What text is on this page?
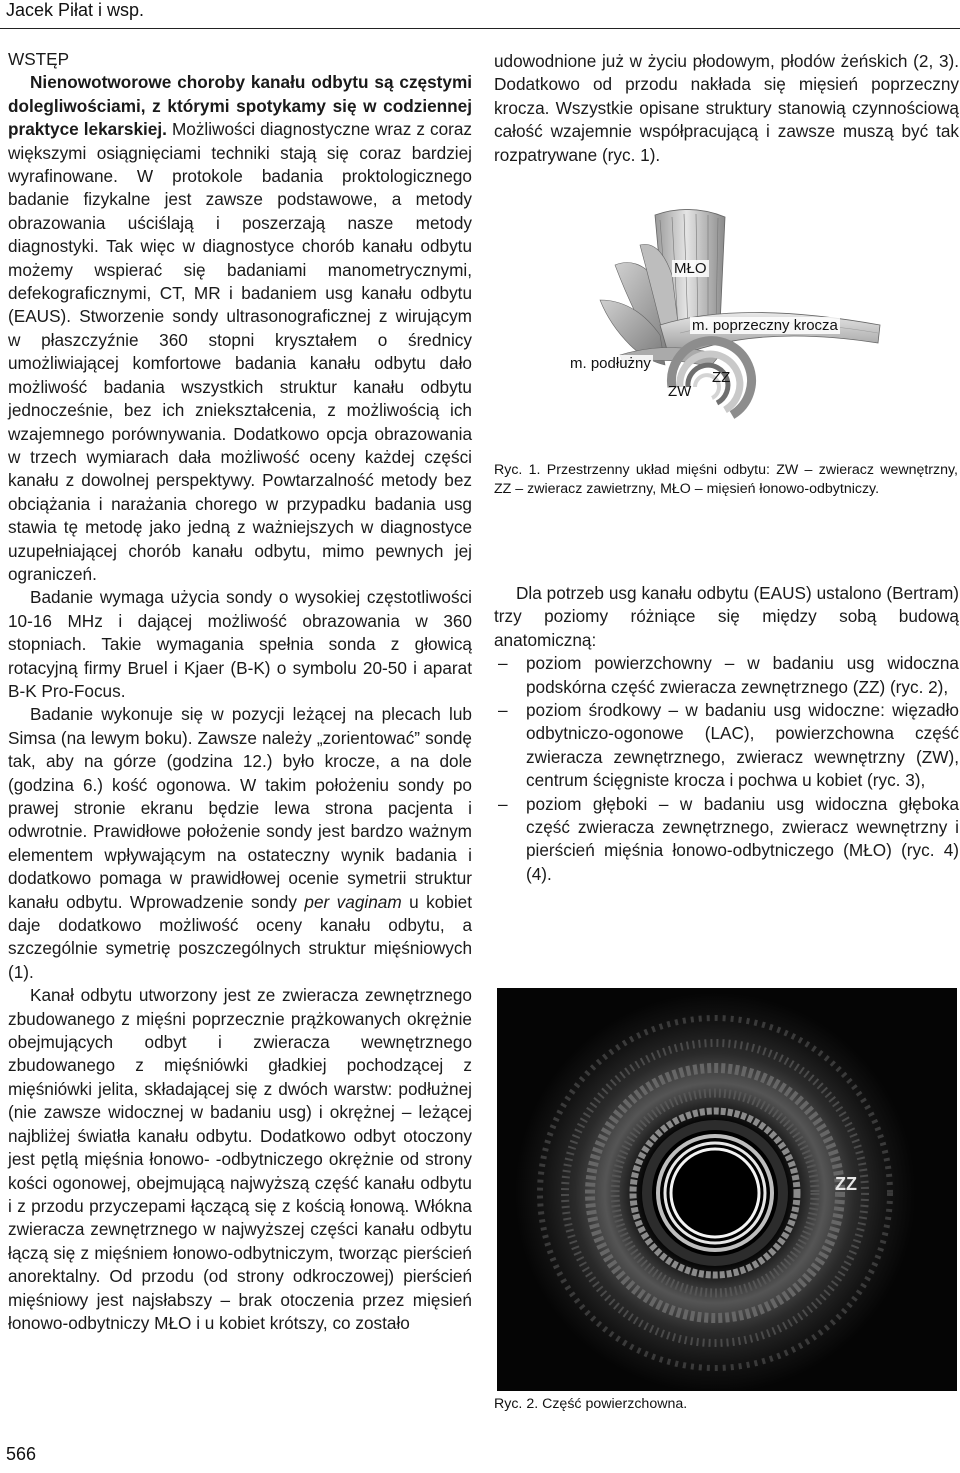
Jacek Piłat i wsp.

WSTĘP

Nienowotworowe choroby kanału odbytu są częstymi dolegliwościami, z którymi spotykamy się w codziennej praktyce lekarskiej. Możliwości diagnostyczne wraz z coraz większymi osiągnięciami techniki stają się coraz bardziej wyrafinowane. W protokole badania proktologicznego badanie fizykalne jest zawsze podstawowe, a metody obrazowania uściślają i poszerzają nasze metody diagnostyki. Tak więc w diagnostyce chorób kanału odbytu możemy wspierać się badaniami manometrycznymi, defekograficznymi, CT, MR i badaniem usg kanału odbytu (EAUS). Stworzenie sondy ultrasonograficznej z wirującym w płaszczyźnie 360 stopni kryształem o średnicy umożliwiającej komfortowe badania kanału odbytu dało możliwość badania wszystkich struktur kanału odbytu jednocześnie, bez ich zniekształcenia, z możliwością ich wzajemnego porównywania. Dodatkowo opcja obrazowania w trzech wymiarach dała możliwość oceny każdej części kanału z dowolnej perspektywy. Powtarzalność metody bez obciążania i narażania chorego w przypadku badania usg stawia tę metodę jako jedną z ważniejszych w diagnostyce uzupełniającej chorób kanału odbytu, mimo pewnych jej ograniczeń.

Badanie wymaga użycia sondy o wysokiej częstotliwości 10-16 MHz i dającej możliwość obrazowania w 360 stopniach. Takie wymagania spełnia sonda z głowicą rotacyjną firmy Bruel i Kjaer (B-K) o symbolu 20-50 i aparat B-K Pro-Focus.

Badanie wykonuje się w pozycji leżącej na plecach lub Simsa (na lewym boku). Zawsze należy „zorientować” sondę tak, aby na górze (godzina 12.) było krocze, a na dole (godzina 6.) kość ogonowa. W takim położeniu sondy po prawej stronie ekranu będzie lewa strona pacjenta i odwrotnie. Prawidłowe położenie sondy jest bardzo ważnym elementem wpływającym na ostateczny wynik badania i dodatkowo pomaga w prawidłowej ocenie symetrii struktur kanału odbytu. Wprowadzenie sondy per vaginam u kobiet daje dodatkowo możliwość oceny kanału odbytu, a szczególnie symetrię poszczególnych struktur mięśniowych (1).

Kanał odbytu utworzony jest ze zwieracza zewnętrznego zbudowanego z mięśni poprzecznie prążkowanych okrężnie obejmujących odbyt i zwieracza wewnętrznego zbudowanego z mięśniówki gładkiej pochodzącej z mięśniówki jelita, składającej się z dwóch warstw: podłużnej (nie zawsze widocznej w badaniu usg) i okrężnej – leżącej najbliżej światła kanału odbytu. Dodatkowo odbyt otoczony jest pętlą mięśnia łonowo- -odbytniczego okrężnie od strony kości ogonowej, obejmującą najwyższą część kanału odbytu i z przodu przyczepami łączącą się z kością łonową. Włókna zwieracza zewnętrznego w najwyższej części kanału odbytu łączą się z mięśniem łonowo-odbytniczym, tworząc pierścień anorektalny. Od przodu (od strony odkroczowej) pierścień mięśniowy jest najsłabszy – brak otoczenia przez mięsień łonowo-odbytniczy MŁO i u kobiet krótszy, co zostało

udowodnione już w życiu płodowym, płodów żeńskich (2, 3). Dodatkowo od przodu nakłada się mięsień poprzeczny krocza. Wszystkie opisane struktury stanowią czynnościową całość wzajemnie współpracującą i zawsze muszą być tak rozpatrywane (ryc. 1).

MŁO
m. poprzeczny krocza
m. podłużny
ZZ
ZW
Ryc. 1. Przestrzenny układ mięśni odbytu: ZW – zwieracz wewnętrzny, ZZ – zwieracz zawietrzny, MŁO – mięsień łonowo-odbytniczy.

Dla potrzeb usg kanału odbytu (EAUS) ustalono (Bertram) trzy poziomy różniące się między sobą budową anatomiczną:

– poziom powierzchowny – w badaniu usg widoczna podskórna część zwieracza zewnętrznego (ZZ) (ryc. 2),
– poziom środkowy – w badaniu usg widoczne: więzadło odbytniczo-ogonowe (LAC), powierzchowna część zwieracza zewnętrznego, zwieracz wewnętrzny (ZW), centrum ścięgniste krocza i pochwa u kobiet (ryc. 3),
– poziom głęboki – w badaniu usg widoczna głęboka część zwieracza zewnętrznego, zwieracz wewnętrzny i pierścień mięśnia łonowo-odbytniczego (MŁO) (ryc. 4) (4).
ZZ
Ryc. 2. Część powierzchowna.
566
